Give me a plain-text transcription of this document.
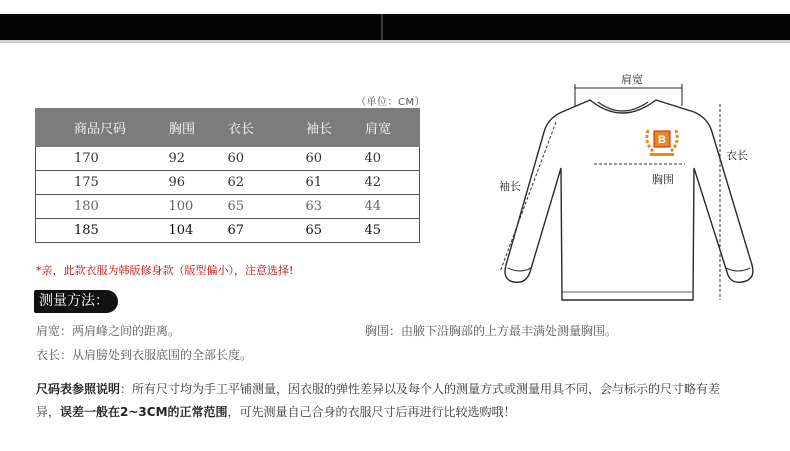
（单位：CM）
商品尺码	胸围	衣长	袖长	肩宽
170	92	60	60	40
175	96	62	61	42
180	100	65	63	44
185	104	67	65	45
*亲，此款衣服为韩版修身款（版型偏小），注意选择!
测量方法：
肩宽：两肩峰之间的距离。	胸围：由腋下沿胸部的上方最丰满处测量胸围。
衣长：从肩膀处到衣服底围的全部长度。
尺码表参照说明：所有尺寸均为手工平铺测量，因衣服的弹性差异以及每个人的测量方式或测量用具不同，会与标示的尺寸略有差异，误差一般在2~3CM的正常范围，可先测量自己合身的衣服尺寸后再进行比较选购哦！
B
肩宽
衣长
胸围
袖长
